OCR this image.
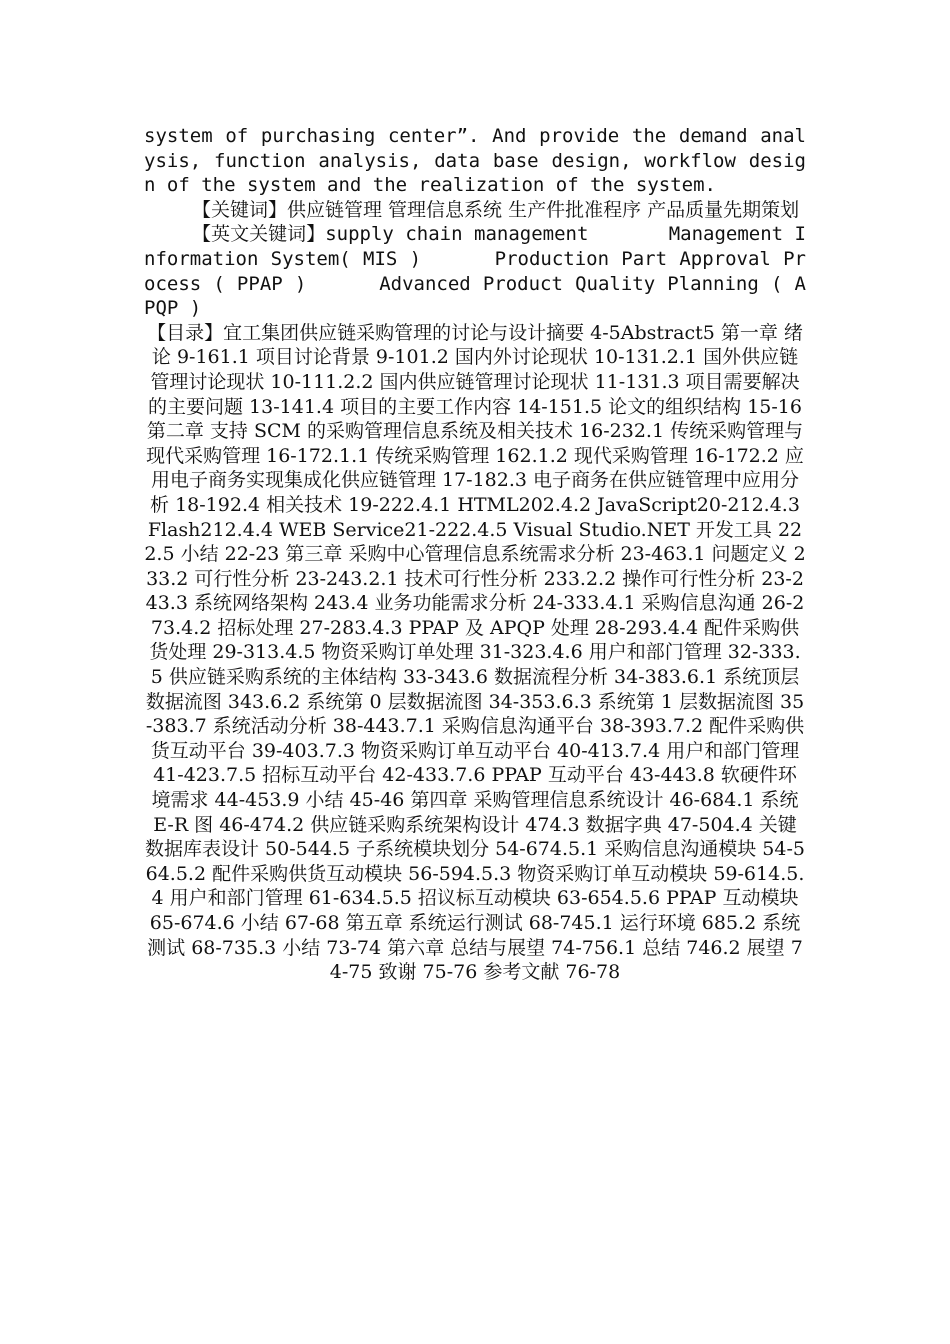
system of purchasing center”. And provide the demand analysis, function analysis, data base design, workflow design of the system and the realization of the system.

【关键词】供应链管理 管理信息系统 生产件批准程序 产品质量先期策划

【英文关键词】supply chain management       Management Information System( MIS )      Production Part Approval Process ( PPAP )      Advanced Product Quality Planning ( APQP )

【目录】宜工集团供应链采购管理的讨论与设计摘要 4-5Abstract5 第一章 绪论 9-161.1 项目讨论背景 9-101.2 国内外讨论现状 10-131.2.1 国外供应链管理讨论现状 10-111.2.2 国内供应链管理讨论现状 11-131.3 项目需要解决的主要问题 13-141.4 项目的主要工作内容 14-151.5 论文的组织结构 15-16 第二章 支持 SCM 的采购管理信息系统及相关技术 16-232.1 传统采购管理与现代采购管理 16-172.1.1 传统采购管理 162.1.2 现代采购管理 16-172.2 应用电子商务实现集成化供应链管理 17-182.3 电子商务在供应链管理中应用分析 18-192.4 相关技术 19-222.4.1 HTML202.4.2 JavaScript20-212.4.3 Flash212.4.4 WEB Service21-222.4.5 Visual Studio.NET 开发工具 222.5 小结 22-23 第三章 采购中心管理信息系统需求分析 23-463.1 问题定义 233.2 可行性分析 23-243.2.1 技术可行性分析 233.2.2 操作可行性分析 23-243.3 系统网络架构 243.4 业务功能需求分析 24-333.4.1 采购信息沟通 26-273.4.2 招标处理 27-283.4.3 PPAP 及 APQP 处理 28-293.4.4 配件采购供货处理 29-313.4.5 物资采购订单处理 31-323.4.6 用户和部门管理 32-333.5 供应链采购系统的主体结构 33-343.6 数据流程分析 34-383.6.1 系统顶层数据流图 343.6.2 系统第 0 层数据流图 34-353.6.3 系统第 1 层数据流图 35-383.7 系统活动分析 38-443.7.1 采购信息沟通平台 38-393.7.2 配件采购供货互动平台 39-403.7.3 物资采购订单互动平台 40-413.7.4 用户和部门管理 41-423.7.5 招标互动平台 42-433.7.6 PPAP 互动平台 43-443.8 软硬件环境需求 44-453.9 小结 45-46 第四章 采购管理信息系统设计 46-684.1 系统 E-R 图 46-474.2 供应链采购系统架构设计 474.3 数据字典 47-504.4 关键数据库表设计 50-544.5 子系统模块划分 54-674.5.1 采购信息沟通模块 54-564.5.2 配件采购供货互动模块 56-594.5.3 物资采购订单互动模块 59-614.5.4 用户和部门管理 61-634.5.5 招议标互动模块 63-654.5.6 PPAP 互动模块 65-674.6 小结 67-68 第五章 系统运行测试 68-745.1 运行环境 685.2 系统测试 68-735.3 小结 73-74 第六章 总结与展望 74-756.1 总结 746.2 展望 74-75 致谢 75-76 参考文献 76-78
